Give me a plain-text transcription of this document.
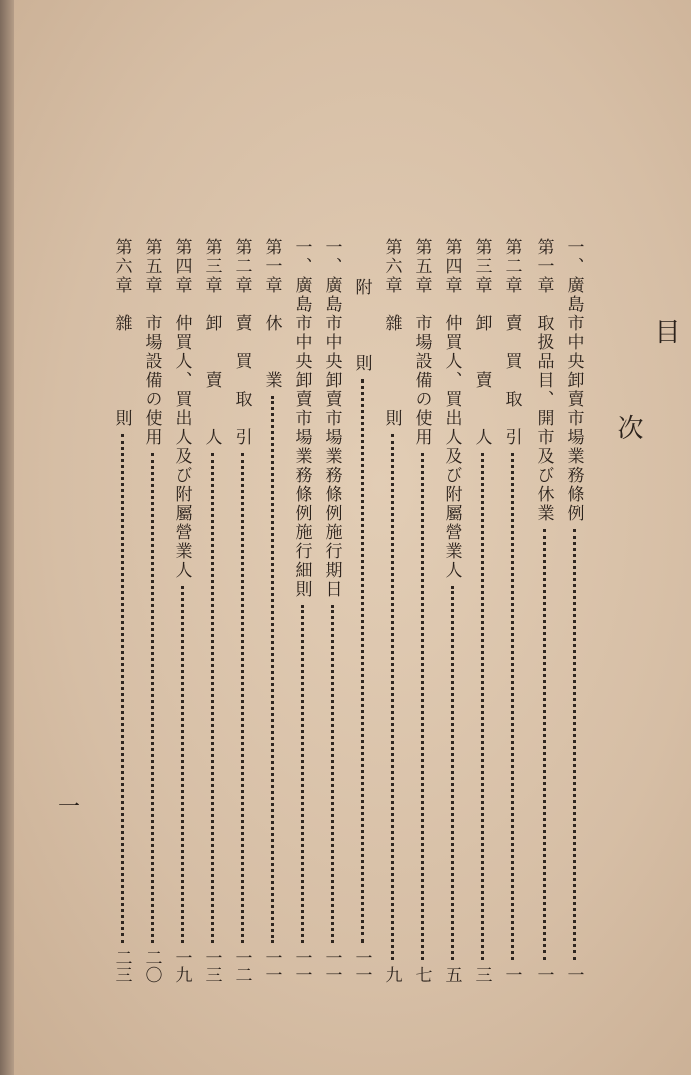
目
次
一、廣島市中央卸賣市場業務條例
一
第一章　取扱品目、開市及び休業
一
第二章　賣　買　取　引
一
第三章　卸　　賣　　人
三
第四章　仲買人、買出人及び附屬營業人
五
第五章　市場設備の使用
七
第六章　雜　　　　則
九
附　　　則
一一
一、廣島市中央卸賣市場業務條例施行期日
一一
一、廣島市中央卸賣市場業務條例施行細則
一一
第一章　休　　業
一一
第二章　賣　買　取　引
一二
第三章　卸　　賣　　人
一三
第四章　仲買人、買出人及び附屬營業人
一九
第五章　市場設備の使用
二〇
第六章　雜　　　　則
二三
一
